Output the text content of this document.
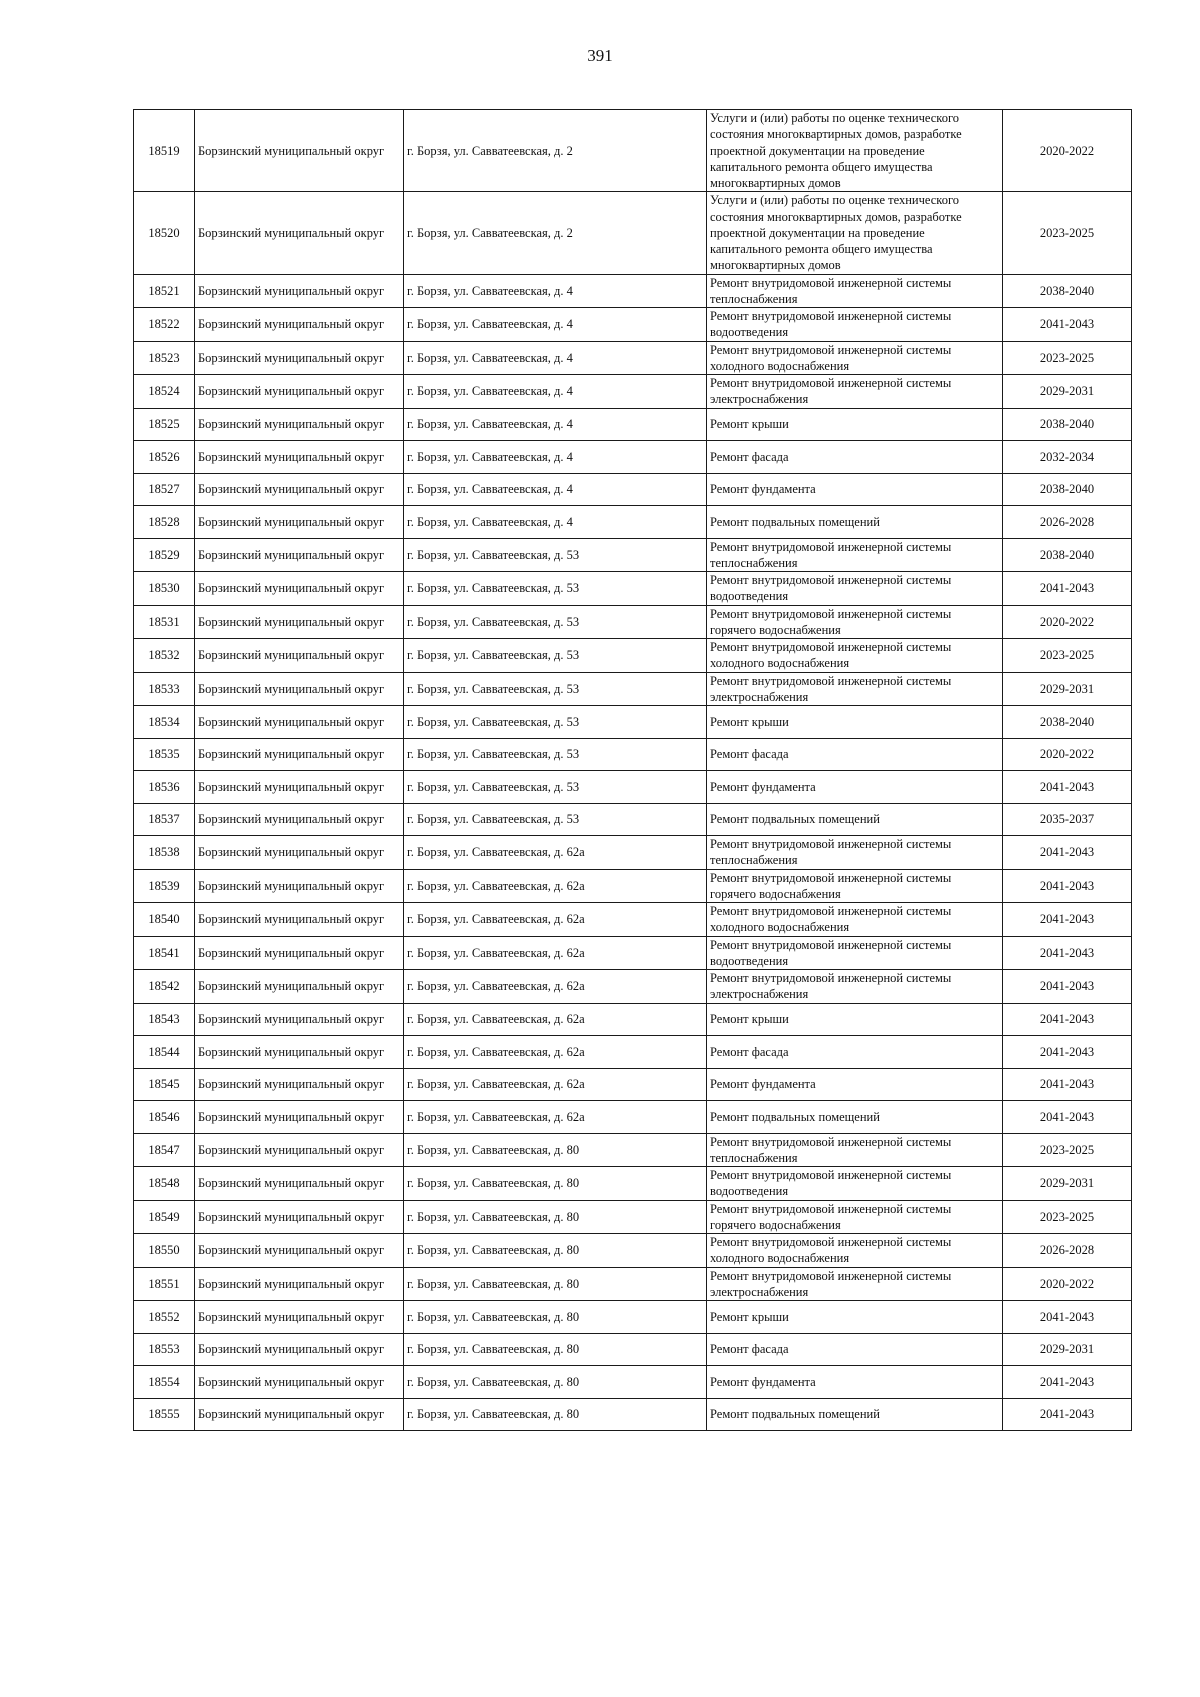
391
18519	Борзинский муниципальный округ	г. Борзя, ул. Савватеевская, д. 2	Услуги и (или) работы по оценке технического состояния многоквартирных домов, разработке проектной документации на проведение капитального ремонта общего имущества многоквартирных домов	2020-2022
18520	Борзинский муниципальный округ	г. Борзя, ул. Савватеевская, д. 2	Услуги и (или) работы по оценке технического состояния многоквартирных домов, разработке проектной документации на проведение капитального ремонта общего имущества многоквартирных домов	2023-2025
18521	Борзинский муниципальный округ	г. Борзя, ул. Савватеевская, д. 4	Ремонт внутридомовой инженерной системы теплоснабжения	2038-2040
18522	Борзинский муниципальный округ	г. Борзя, ул. Савватеевская, д. 4	Ремонт внутридомовой инженерной системы водоотведения	2041-2043
18523	Борзинский муниципальный округ	г. Борзя, ул. Савватеевская, д. 4	Ремонт внутридомовой инженерной системы холодного водоснабжения	2023-2025
18524	Борзинский муниципальный округ	г. Борзя, ул. Савватеевская, д. 4	Ремонт внутридомовой инженерной системы электроснабжения	2029-2031
18525	Борзинский муниципальный округ	г. Борзя, ул. Савватеевская, д. 4	Ремонт крыши	2038-2040
18526	Борзинский муниципальный округ	г. Борзя, ул. Савватеевская, д. 4	Ремонт фасада	2032-2034
18527	Борзинский муниципальный округ	г. Борзя, ул. Савватеевская, д. 4	Ремонт фундамента	2038-2040
18528	Борзинский муниципальный округ	г. Борзя, ул. Савватеевская, д. 4	Ремонт подвальных помещений	2026-2028
18529	Борзинский муниципальный округ	г. Борзя, ул. Савватеевская, д. 53	Ремонт внутридомовой инженерной системы теплоснабжения	2038-2040
18530	Борзинский муниципальный округ	г. Борзя, ул. Савватеевская, д. 53	Ремонт внутридомовой инженерной системы водоотведения	2041-2043
18531	Борзинский муниципальный округ	г. Борзя, ул. Савватеевская, д. 53	Ремонт внутридомовой инженерной системы горячего водоснабжения	2020-2022
18532	Борзинский муниципальный округ	г. Борзя, ул. Савватеевская, д. 53	Ремонт внутридомовой инженерной системы холодного водоснабжения	2023-2025
18533	Борзинский муниципальный округ	г. Борзя, ул. Савватеевская, д. 53	Ремонт внутридомовой инженерной системы электроснабжения	2029-2031
18534	Борзинский муниципальный округ	г. Борзя, ул. Савватеевская, д. 53	Ремонт крыши	2038-2040
18535	Борзинский муниципальный округ	г. Борзя, ул. Савватеевская, д. 53	Ремонт фасада	2020-2022
18536	Борзинский муниципальный округ	г. Борзя, ул. Савватеевская, д. 53	Ремонт фундамента	2041-2043
18537	Борзинский муниципальный округ	г. Борзя, ул. Савватеевская, д. 53	Ремонт подвальных помещений	2035-2037
18538	Борзинский муниципальный округ	г. Борзя, ул. Савватеевская, д. 62а	Ремонт внутридомовой инженерной системы теплоснабжения	2041-2043
18539	Борзинский муниципальный округ	г. Борзя, ул. Савватеевская, д. 62а	Ремонт внутридомовой инженерной системы горячего водоснабжения	2041-2043
18540	Борзинский муниципальный округ	г. Борзя, ул. Савватеевская, д. 62а	Ремонт внутридомовой инженерной системы холодного водоснабжения	2041-2043
18541	Борзинский муниципальный округ	г. Борзя, ул. Савватеевская, д. 62а	Ремонт внутридомовой инженерной системы водоотведения	2041-2043
18542	Борзинский муниципальный округ	г. Борзя, ул. Савватеевская, д. 62а	Ремонт внутридомовой инженерной системы электроснабжения	2041-2043
18543	Борзинский муниципальный округ	г. Борзя, ул. Савватеевская, д. 62а	Ремонт крыши	2041-2043
18544	Борзинский муниципальный округ	г. Борзя, ул. Савватеевская, д. 62а	Ремонт фасада	2041-2043
18545	Борзинский муниципальный округ	г. Борзя, ул. Савватеевская, д. 62а	Ремонт фундамента	2041-2043
18546	Борзинский муниципальный округ	г. Борзя, ул. Савватеевская, д. 62а	Ремонт подвальных помещений	2041-2043
18547	Борзинский муниципальный округ	г. Борзя, ул. Савватеевская, д. 80	Ремонт внутридомовой инженерной системы теплоснабжения	2023-2025
18548	Борзинский муниципальный округ	г. Борзя, ул. Савватеевская, д. 80	Ремонт внутридомовой инженерной системы водоотведения	2029-2031
18549	Борзинский муниципальный округ	г. Борзя, ул. Савватеевская, д. 80	Ремонт внутридомовой инженерной системы горячего водоснабжения	2023-2025
18550	Борзинский муниципальный округ	г. Борзя, ул. Савватеевская, д. 80	Ремонт внутридомовой инженерной системы холодного водоснабжения	2026-2028
18551	Борзинский муниципальный округ	г. Борзя, ул. Савватеевская, д. 80	Ремонт внутридомовой инженерной системы электроснабжения	2020-2022
18552	Борзинский муниципальный округ	г. Борзя, ул. Савватеевская, д. 80	Ремонт крыши	2041-2043
18553	Борзинский муниципальный округ	г. Борзя, ул. Савватеевская, д. 80	Ремонт фасада	2029-2031
18554	Борзинский муниципальный округ	г. Борзя, ул. Савватеевская, д. 80	Ремонт фундамента	2041-2043
18555	Борзинский муниципальный округ	г. Борзя, ул. Савватеевская, д. 80	Ремонт подвальных помещений	2041-2043
